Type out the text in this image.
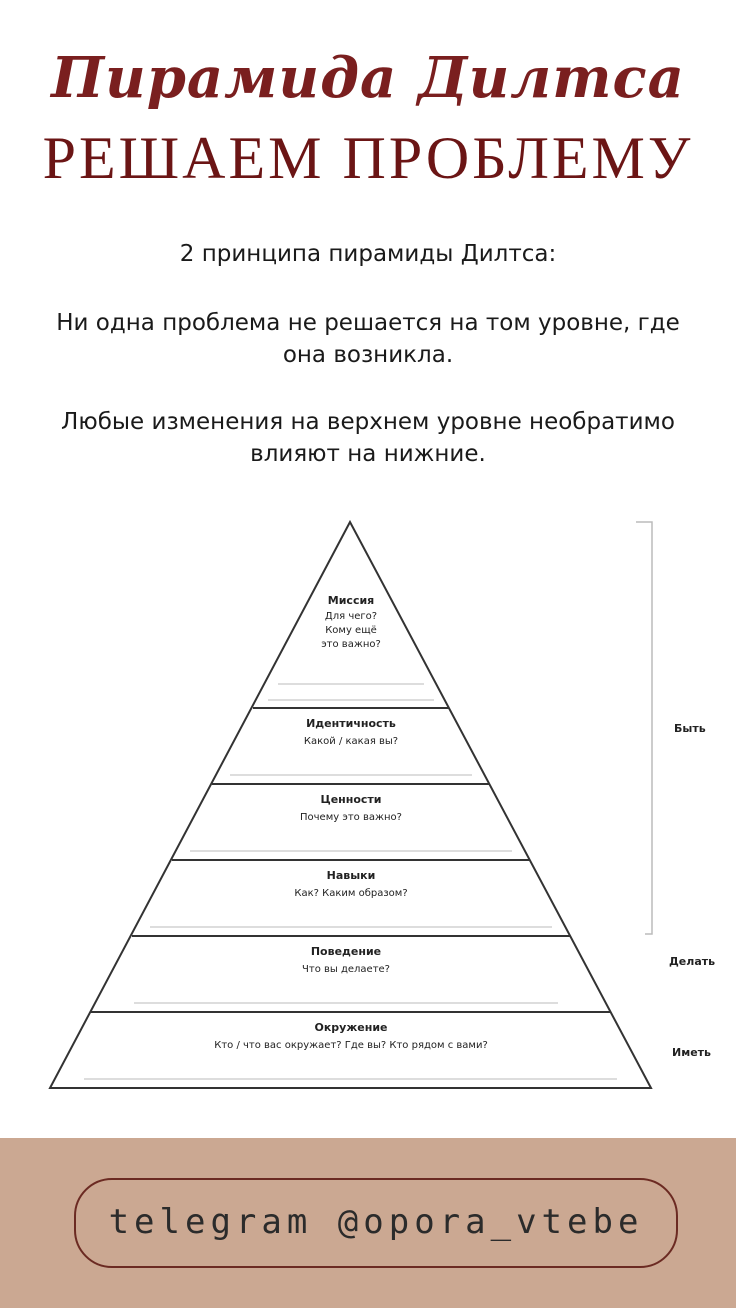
Пирамида Дилтса
РЕШАЕМ ПРОБЛЕМУ
2 принципа пирамиды Дилтса:
Ни одна проблема не решается на том уровне, где она возникла.
Любые изменения на верхнем уровне необратимо влияют на нижние.
Миссия
Для чего?
Кому ещё
это важно?
Идентичность
Какой / какая вы?
Ценности
Почему это важно?
Навыки
Как? Каким образом?
Поведение
Что вы делаете?
Окружение
Кто / что вас окружает? Где вы? Кто рядом с вами?
Быть
Делать
Иметь
telegram @opora_vtebe
